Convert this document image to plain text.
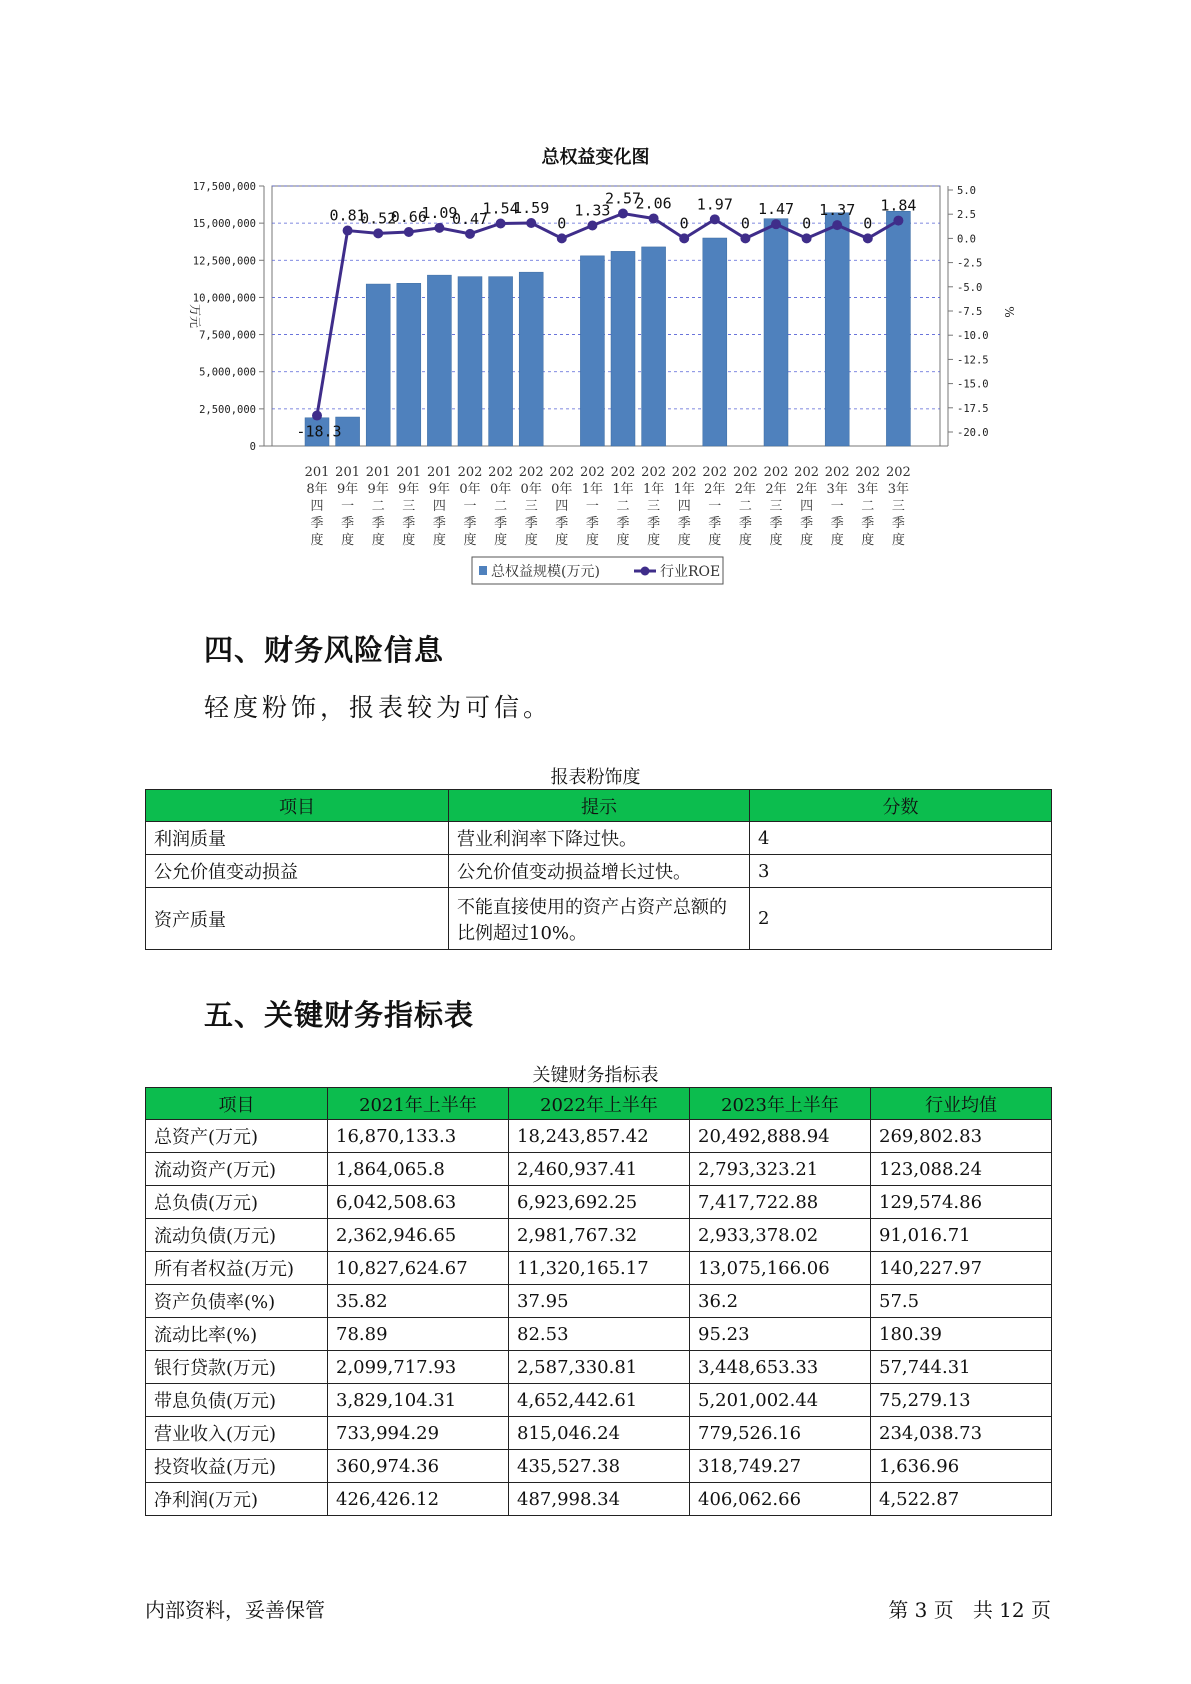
总权益变化图
17,500,000
15,000,000
12,500,000
10,000,000
7,500,000
5,000,000
2,500,000
0
5.0
2.5
0.0
-2.5
-5.0
-7.5
-10.0
-12.5
-15.0
-17.5
-20.0
万元	%
201
8年
四
季
度
201
9年
一
季
度
201
9年
二
季
度
201
9年
三
季
度
201
9年
四
季
度
202
0年
一
季
度
202
0年
二
季
度
202
0年
三
季
度
202
0年
四
季
度
202
1年
一
季
度
202
1年
二
季
度
202
1年
三
季
度
202
1年
四
季
度
202
2年
一
季
度
202
2年
二
季
度
202
2年
三
季
度
202
2年
四
季
度
202
3年
一
季
度
202
3年
二
季
度
202
3年
三
季
度
-18.3
0.81
0.52
0.66
1.09
0.47
1.54
1.59
0
1.33
2.57
2.06
0
1.97
0
1.47
0
1.37
0
1.84
总权益规模(万元)	行业ROE
四、财务风险信息
轻度粉饰，报表较为可信。
报表粉饰度
项目	提示	分数
利润质量	营业利润率下降过快。	4
公允价值变动损益	公允价值变动损益增长过快。	3
资产质量	不能直接使用的资产占资产总额的比例超过10%。	2
五、关键财务指标表
关键财务指标表
项目	2021年上半年	2022年上半年	2023年上半年	行业均值
总资产(万元)	16,870,133.3	18,243,857.42	20,492,888.94	269,802.83
流动资产(万元)	1,864,065.8	2,460,937.41	2,793,323.21	123,088.24
总负债(万元)	6,042,508.63	6,923,692.25	7,417,722.88	129,574.86
流动负债(万元)	2,362,946.65	2,981,767.32	2,933,378.02	91,016.71
所有者权益(万元)	10,827,624.67	11,320,165.17	13,075,166.06	140,227.97
资产负债率(%)	35.82	37.95	36.2	57.5
流动比率(%)	78.89	82.53	95.23	180.39
银行贷款(万元)	2,099,717.93	2,587,330.81	3,448,653.33	57,744.31
带息负债(万元)	3,829,104.31	4,652,442.61	5,201,002.44	75,279.13
营业收入(万元)	733,994.29	815,046.24	779,526.16	234,038.73
投资收益(万元)	360,974.36	435,527.38	318,749.27	1,636.96
净利润(万元)	426,426.12	487,998.34	406,062.66	4,522.87
内部资料，妥善保管	第 3 页   共 12 页
